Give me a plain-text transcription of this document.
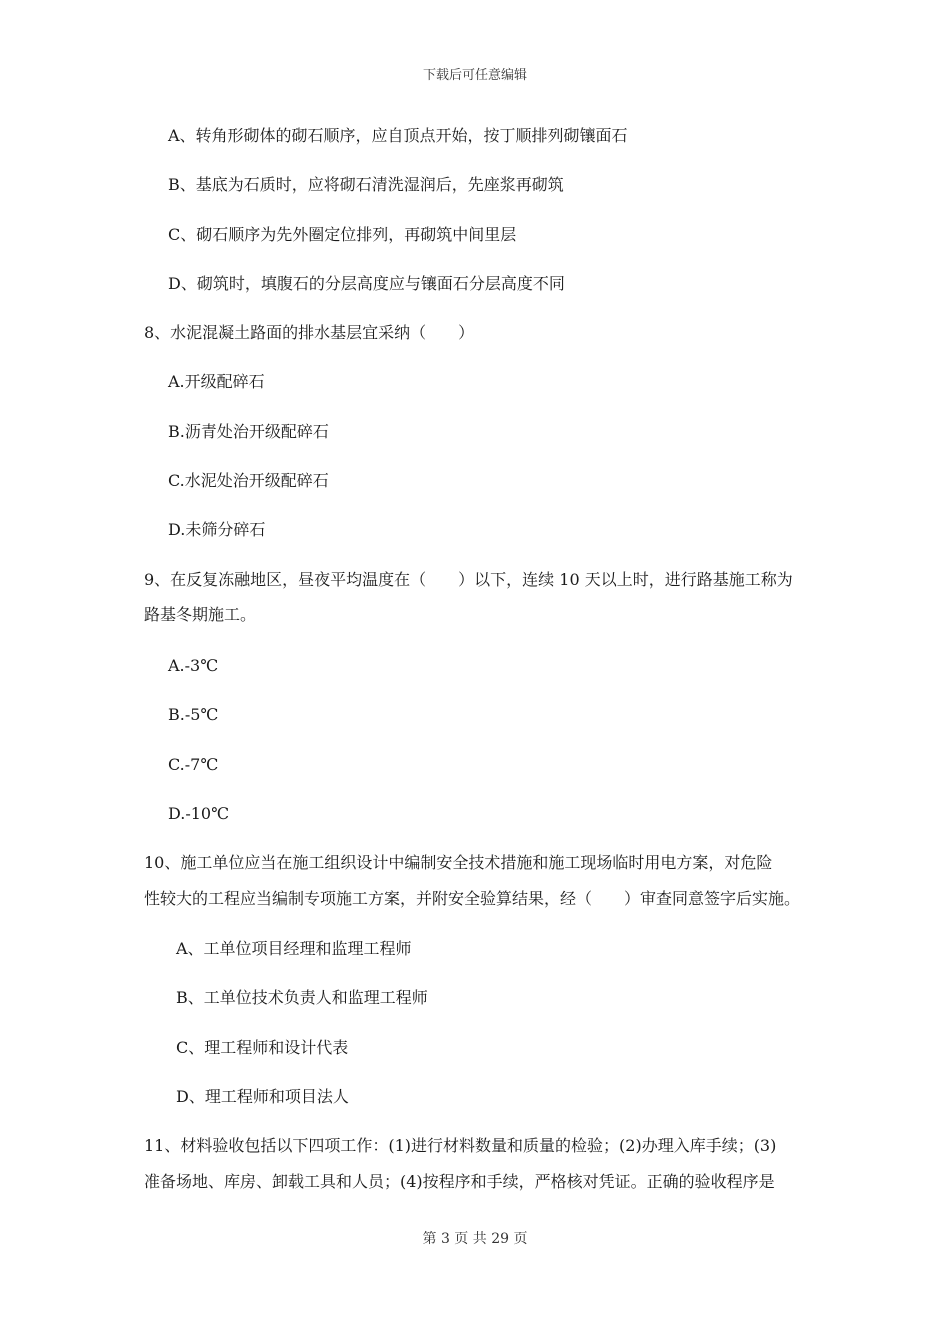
下载后可任意编辑
A、转角形砌体的砌石顺序，应自顶点开始，按丁顺排列砌镶面石
B、基底为石质时，应将砌石清洗湿润后，先座浆再砌筑
C、砌石顺序为先外圈定位排列，再砌筑中间里层
D、砌筑时，填腹石的分层高度应与镶面石分层高度不同
8、水泥混凝土路面的排水基层宜采纳（　　）
A.开级配碎石
B.沥青处治开级配碎石
C.水泥处治开级配碎石
D.未筛分碎石
9、在反复冻融地区，昼夜平均温度在（　　）以下，连续 10 天以上时，进行路基施工称为
路基冬期施工。
A.-3℃
B.-5℃
C.-7℃
D.-10℃
10、施工单位应当在施工组织设计中编制安全技术措施和施工现场临时用电方案，对危险
性较大的工程应当编制专项施工方案，并附安全验算结果，经（　　）审查同意签字后实施。
A、工单位项目经理和监理工程师
B、工单位技术负责人和监理工程师
C、理工程师和设计代表
D、理工程师和项目法人
11、材料验收包括以下四项工作：(1)进行材料数量和质量的检验；(2)办理入库手续；(3)
准备场地、库房、卸载工具和人员；(4)按程序和手续，严格核对凭证。正确的验收程序是
第 3 页 共 29 页
